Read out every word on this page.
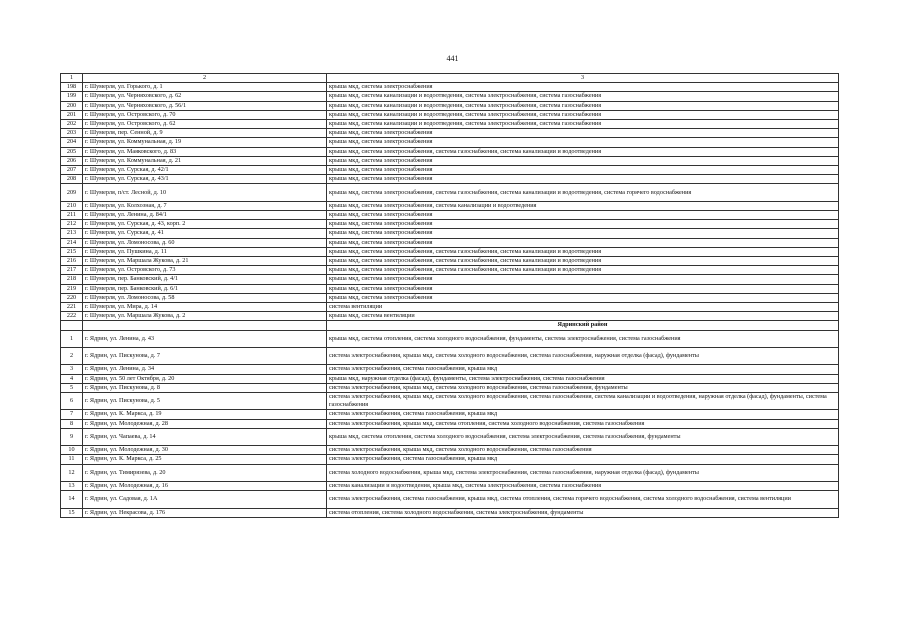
441
1	2	3
198	г. Шумерля, ул. Горького, д. 1	крыша мкд, система электроснабжения
199	г. Шумерля, ул. Черняховского, д. 62	крыша мкд, система канализации и водоотведения, система электроснабжения, система газоснабжения
200	г. Шумерля, ул. Черняховского, д. 56/1	крыша мкд, система канализации и водоотведения, система электроснабжения, система газоснабжения
201	г. Шумерля, ул. Островского, д. 70	крыша мкд, система канализации и водоотведения, система электроснабжения, система газоснабжения
202	г. Шумерля, ул. Островского, д. 62	крыша мкд, система канализации и водоотведения, система электроснабжения, система газоснабжения
203	г. Шумерля, пер. Сенной, д. 9	крыша мкд, система электроснабжения
204	г. Шумерля, ул. Коммунальная, д. 19	крыша мкд, система электроснабжения
205	г. Шумерля, ул. Маяковского, д. 83	крыша мкд, система электроснабжения, система газоснабжения, система канализации и водоотведения
206	г. Шумерля, ул. Коммунальная, д. 21	крыша мкд, система электроснабжения
207	г. Шумерля, ул. Сурская, д. 42/1	крыша мкд, система электроснабжения
208	г. Шумерля, ул. Сурская, д. 43/1	крыша мкд, система электроснабжения
209	г. Шумерля, п/ст. Лесной, д. 10	крыша мкд, система электроснабжения, система газоснабжения, система канализации и водоотведения, система горячего водоснабжения
210	г. Шумерля, ул. Колхозная, д. 7	крыша мкд, система электроснабжения, система канализации и водоотведения
211	г. Шумерля, ул. Ленина, д. 84/1	крыша мкд, система электроснабжения
212	г. Шумерля, ул. Сурская, д. 43, корп. 2	крыша мкд, система электроснабжения
213	г. Шумерля, ул. Сурская, д. 41	крыша мкд, система электроснабжения
214	г. Шумерля, ул. Ломоносова, д. 60	крыша мкд, система электроснабжения
215	г. Шумерля, ул. Пушкина, д. 11	крыша мкд, система электроснабжения, система газоснабжения, система канализации и водоотведения
216	г. Шумерля, ул. Маршала Жукова, д. 21	крыша мкд, система электроснабжения, система газоснабжения, система канализации и водоотведения
217	г. Шумерля, ул. Островского, д. 73	крыша мкд, система электроснабжения, система газоснабжения, система канализации и водоотведения
218	г. Шумерля, пер. Банковский, д. 4/1	крыша мкд, система электроснабжения
219	г. Шумерля, пер. Банковский, д. 6/1	крыша мкд, система электроснабжения
220	г. Шумерля, ул. Ломоносова, д. 58	крыша мкд, система электроснабжения
221	г. Шумерля, ул. Мира, д. 14	система вентиляции
222	г. Шумерля, ул. Маршала Жукова, д. 2	крыша мкд, система вентиляции
		Ядринский район
1	г. Ядрин, ул. Ленина, д. 43	крыша мкд, система отопления, система холодного водоснабжения, фундаменты, система электроснабжения, система газоснабжения
2	г. Ядрин, ул. Пискунова, д. 7	система электроснабжения, крыша мкд, система холодного водоснабжения, система газоснабжения, наружная отделка (фасад), фундаменты
3	г. Ядрин, ул. Ленина, д. 34	система электроснабжения, система газоснабжения, крыша мкд
4	г. Ядрин, ул. 50 лет Октября, д. 20	крыша мкд, наружная отделка (фасад), фундаменты, система электроснабжения, система газоснабжения
5	г. Ядрин, ул. Пискунова, д. 8	система электроснабжения, крыша мкд, система холодного водоснабжения, система газоснабжения, фундаменты
6	г. Ядрин, ул. Пискунова, д. 5	система электроснабжения, крыша мкд, система холодного водоснабжения, система газоснабжения, система канализации и водоотведения, наружная отделка (фасад), фундаменты, система газоснабжения
7	г. Ядрин, ул. К. Маркса, д. 19	система электроснабжения, система газоснабжения, крыша мкд
8	г. Ядрин, ул. Молодежная, д. 28	система электроснабжения, крыша мкд, система отопления, система холодного водоснабжения, система газоснабжения
9	г. Ядрин, ул. Чапаева, д. 14	крыша мкд, система отопления, система холодного водоснабжения, система электроснабжения, система газоснабжения, фундаменты
10	г. Ядрин, ул. Молодежная, д. 30	система электроснабжения, крыша мкд, система холодного водоснабжения, система газоснабжения
11	г. Ядрин, ул. К. Маркса, д. 25	система электроснабжения, система газоснабжения, крыша мкд
12	г. Ядрин, ул. Тимирязева, д. 20	система холодного водоснабжения, крыша мкд, система электроснабжения, система газоснабжения, наружная отделка (фасад), фундаменты
13	г. Ядрин, ул. Молодежная, д. 16	система канализации и водоотведения, крыша мкд, система электроснабжения, система газоснабжения
14	г. Ядрин, ул. Садовая, д. 1А	система электроснабжения, система газоснабжения, крыша мкд, система отопления, система горячего водоснабжения, система холодного водоснабжения, система вентиляции
15	г. Ядрин, ул. Некрасова, д. 176	система отопления, система холодного водоснабжения, система электроснабжения, фундаменты
